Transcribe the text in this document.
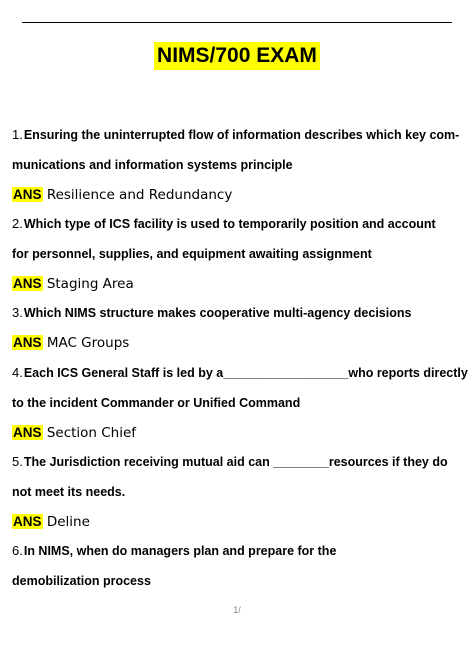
NIMS/700 EXAM
1.Ensuring the uninterrupted flow of information describes which key com-
munications and information systems principle
ANS Resilience and Redundancy
2.Which type of ICS facility is used to temporarily position and account
for personnel, supplies, and equipment awaiting assignment
ANS Staging Area
3.Which NIMS structure makes cooperative multi-agency decisions
ANS MAC Groups
4.Each ICS General Staff is led by a__________________who reports directly
to the incident Commander or Unified Command
ANS Section Chief
5.The Jurisdiction receiving mutual aid can ________resources if they do
not meet its needs.
ANS Deline
6.In NIMS, when do managers plan and prepare for the
demobilization process
1/
